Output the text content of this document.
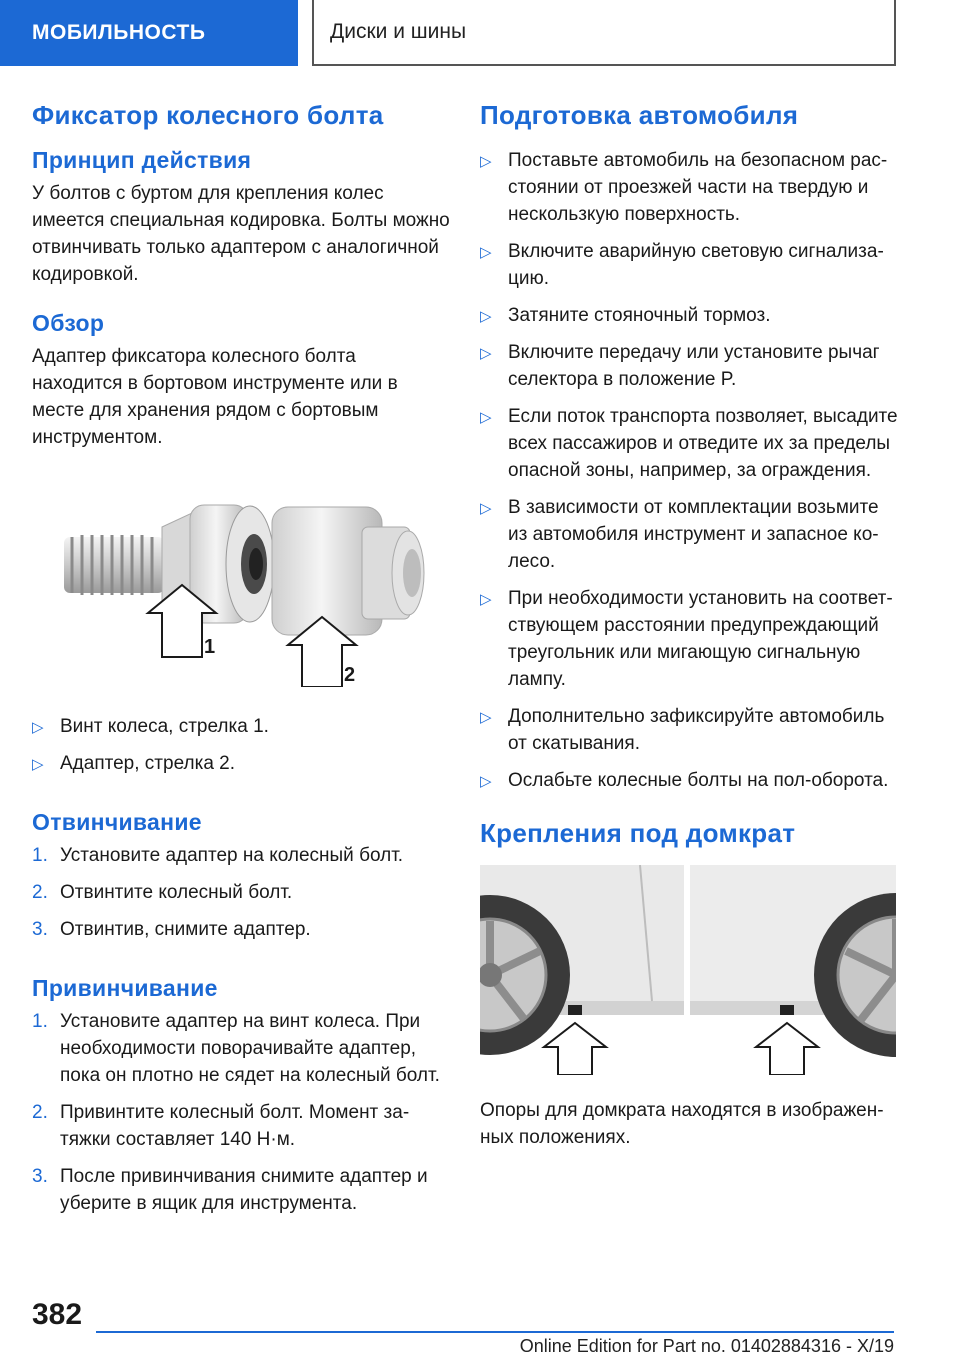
МОБИЛЬНОСТЬ	Диски и шины
Фиксатор колесного болта
Принцип действия

У болтов с буртом для крепления колес имеется специальная кодировка. Болты можно отвинчивать только адаптером с аналогичной кодировкой.

Обзор

Адаптер фиксатора колесного болта находится в бортовом инструменте или в месте для хранения рядом с бортовым инструментом.

1
2
▷ Винт колеса, стрелка 1.
▷ Адаптер, стрелка 2.
Отвинчивание
1. Установите адаптер на колесный болт.
2. Отвинтите колесный болт.
3. Отвинтив, снимите адаптер.
Привинчивание
1. Установите адаптер на винт колеса. При необходимости поворачивайте адаптер, пока он плотно не сядет на колесный болт.
2. Привинтите колесный болт. Момент затяжки составляет 140 Н·м.
3. После привинчивания снимите адаптер и уберите в ящик для инструмента.
Подготовка автомобиля
▷ Поставьте автомобиль на безопасном расстоянии от проезжей части на твердую и нескользкую поверхность.
▷ Включите аварийную световую сигнализацию.
▷ Затяните стояночный тормоз.
▷ Включите передачу или установите рычаг селектора в положение P.
▷ Если поток транспорта позволяет, высадите всех пассажиров и отведите их за пределы опасной зоны, например, за ограждения.
▷ В зависимости от комплектации возьмите из автомобиля инструмент и запасное колесо.
▷ При необходимости установить на соответствующем расстоянии предупреждающий треугольник или мигающую сигнальную лампу.
▷ Дополнительно зафиксируйте автомобиль от скатывания.
▷ Ослабьте колесные болты на пол-оборота.
Крепления под домкрат

Опоры для домкрата находятся в изображенных положениях.

382
Online Edition for Part no. 01402884316 - X/19
